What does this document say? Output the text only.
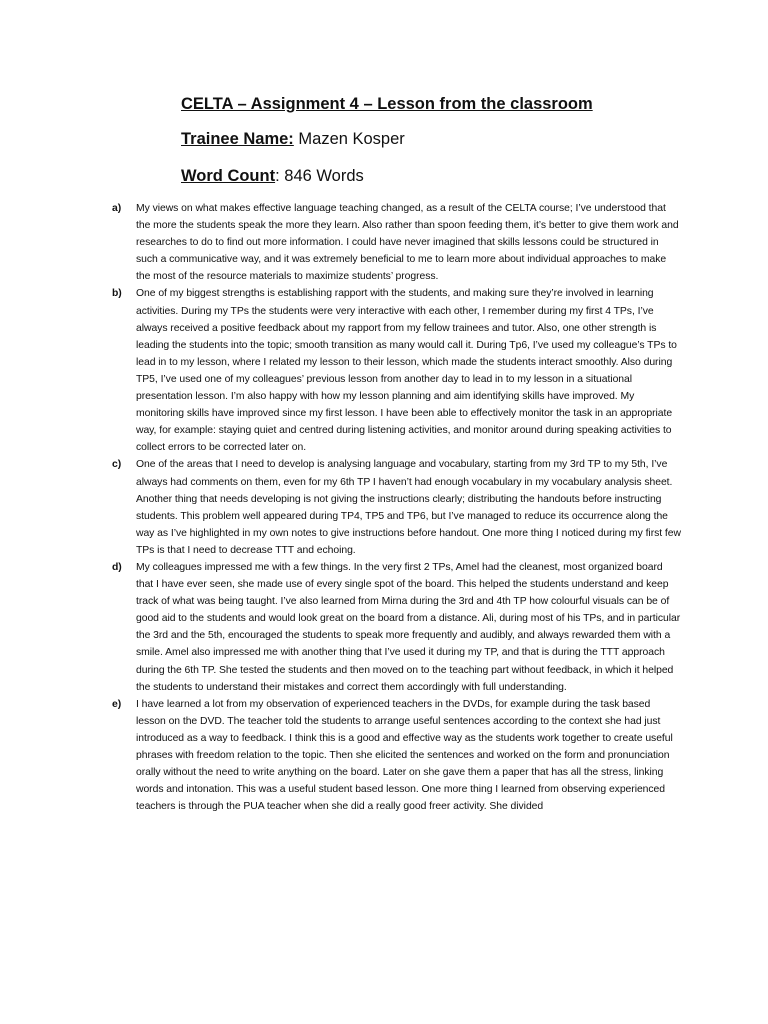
CELTA – Assignment 4 – Lesson from the classroom
Trainee Name: Mazen Kosper
Word Count: 846 Words
a) My views on what makes effective language teaching changed, as a result of the CELTA course; I’ve understood that the more the students speak the more they learn. Also rather than spoon feeding them, it’s better to give them work and researches to do to find out more information. I could have never imagined that skills lessons could be structured in such a communicative way, and it was extremely beneficial to me to learn more about individual approaches to make the most of the resource materials to maximize students’ progress.
b) One of my biggest strengths is establishing rapport with the students, and making sure they’re involved in learning activities. During my TPs the students were very interactive with each other, I remember during my first 4 TPs, I’ve always received a positive feedback about my rapport from my fellow trainees and tutor. Also, one other strength is leading the students into the topic; smooth transition as many would call it. During Tp6, I’ve used my colleague’s TPs to lead in to my lesson, where I related my lesson to their lesson, which made the students interact smoothly. Also during TP5, I’ve used one of my colleagues’ previous lesson from another day to lead in to my lesson in a situational presentation lesson. I’m also happy with how my lesson planning and aim identifying skills have improved. My monitoring skills have improved since my first lesson. I have been able to effectively monitor the task in an appropriate way, for example: staying quiet and centred during listening activities, and monitor around during speaking activities to collect errors to be corrected later on.
c) One of the areas that I need to develop is analysing language and vocabulary, starting from my 3rd TP to my 5th, I’ve always had comments on them, even for my 6th TP I haven’t had enough vocabulary in my vocabulary analysis sheet. Another thing that needs developing is not giving the instructions clearly; distributing the handouts before instructing students. This problem well appeared during TP4, TP5 and TP6, but I’ve managed to reduce its occurrence along the way as I’ve highlighted in my own notes to give instructions before handout. One more thing I noticed during my first few TPs is that I need to decrease TTT and echoing.
d) My colleagues impressed me with a few things. In the very first 2 TPs, Amel had the cleanest, most organized board that I have ever seen, she made use of every single spot of the board. This helped the students understand and keep track of what was being taught. I’ve also learned from Mirna during the 3rd and 4th TP how colourful visuals can be of good aid to the students and would look great on the board from a distance. Ali, during most of his TPs, and in particular the 3rd and the 5th, encouraged the students to speak more frequently and audibly, and always rewarded them with a smile. Amel also impressed me with another thing that I’ve used it during my TP, and that is during the TTT approach during the 6th TP. She tested the students and then moved on to the teaching part without feedback, in which it helped the students to understand their mistakes and correct them accordingly with full understanding.
e) I have learned a lot from my observation of experienced teachers in the DVDs, for example during the task based lesson on the DVD. The teacher told the students to arrange useful sentences according to the context she had just introduced as a way to feedback. I think this is a good and effective way as the students work together to create useful phrases with freedom relation to the topic. Then she elicited the sentences and worked on the form and pronunciation orally without the need to write anything on the board. Later on she gave them a paper that has all the stress, linking words and intonation. This was a useful student based lesson. One more thing I learned from observing experienced teachers is through the PUA teacher when she did a really good freer activity. She divided
